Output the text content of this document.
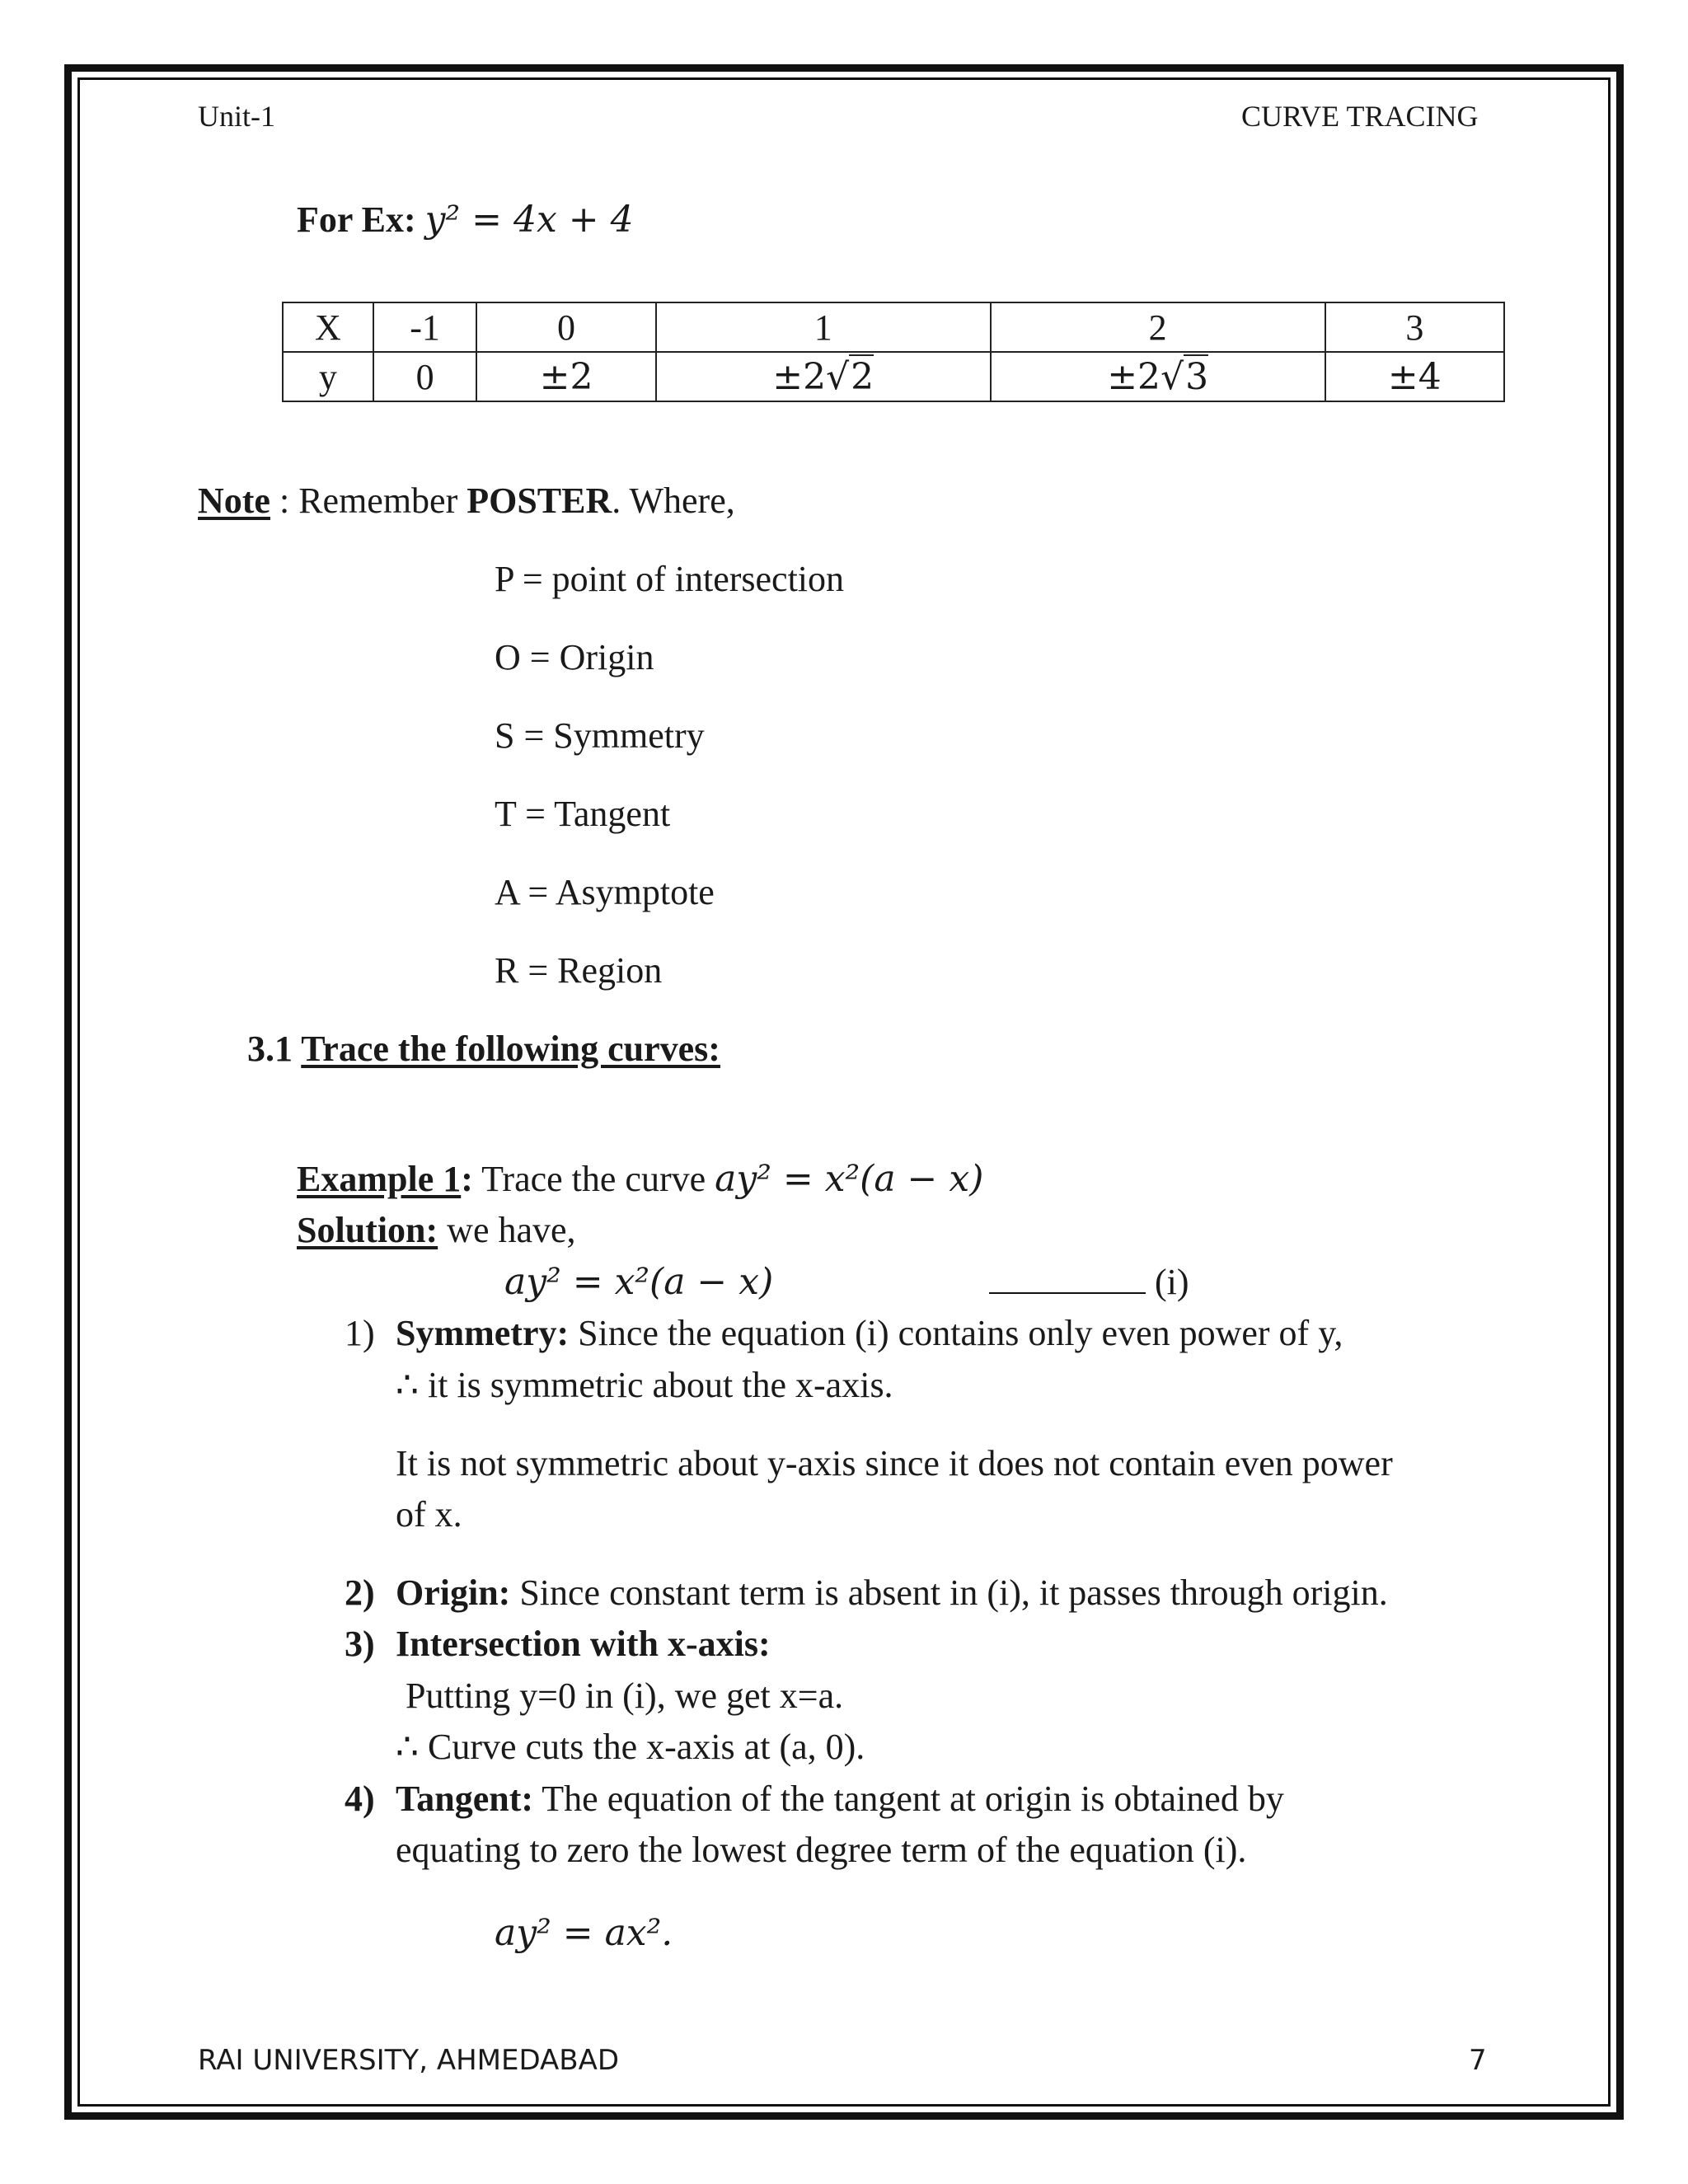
Unit-1	CURVE TRACING
For Ex: y² = 4x + 4
X	-1	0	1	2	3
y	0	±2	±2√2	±2√3	±4
Note : Remember POSTER. Where,
P = point of intersection
O = Origin
S = Symmetry
T = Tangent
A = Asymptote
R = Region
3.1 Trace the following curves:
Example 1: Trace the curve ay² = x²(a − x)
Solution: we have,
ay² = x²(a − x)	(i)
1) Symmetry: Since the equation (i) contains only even power of y,
∴ it is symmetric about the x-axis.
It is not symmetric about y-axis since it does not contain even power
of x.
2) Origin: Since constant term is absent in (i), it passes through origin.
3) Intersection with x-axis:
Putting y=0 in (i), we get x=a.
∴ Curve cuts the x-axis at (a, 0).
4) Tangent: The equation of the tangent at origin is obtained by
equating to zero the lowest degree term of the equation (i).
ay² = ax².
RAI UNIVERSITY, AHMEDABAD	7
